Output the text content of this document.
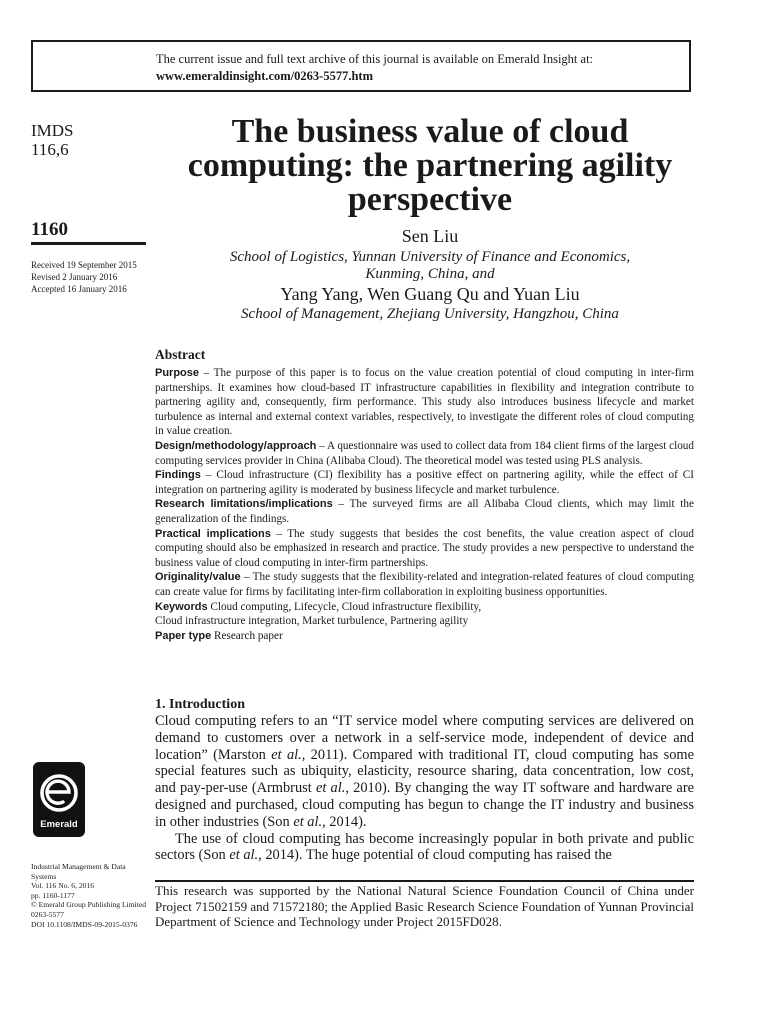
The current issue and full text archive of this journal is available on Emerald Insight at:
www.emeraldinsight.com/0263-5577.htm
IMDS
116,6
1160
Received 19 September 2015
Revised 2 January 2016
Accepted 16 January 2016
The business value of cloud computing: the partnering agility perspective
Sen Liu
School of Logistics, Yunnan University of Finance and Economics,
Kunming, China, and
Yang Yang, Wen Guang Qu and Yuan Liu
School of Management, Zhejiang University, Hangzhou, China
Abstract

Purpose – The purpose of this paper is to focus on the value creation potential of cloud computing in inter-firm partnerships. It examines how cloud-based IT infrastructure capabilities in flexibility and integration contribute to partnering agility and, consequently, firm performance. This study also introduces business lifecycle and market turbulence as internal and external context variables, respectively, to investigate the different roles of cloud computing in value creation.

Design/methodology/approach – A questionnaire was used to collect data from 184 client firms of the largest cloud computing services provider in China (Alibaba Cloud). The theoretical model was tested using PLS analysis.

Findings – Cloud infrastructure (CI) flexibility has a positive effect on partnering agility, while the effect of CI integration on partnering agility is moderated by business lifecycle and market turbulence.

Research limitations/implications – The surveyed firms are all Alibaba Cloud clients, which may limit the generalization of the findings.

Practical implications – The study suggests that besides the cost benefits, the value creation aspect of cloud computing should also be emphasized in research and practice. The study provides a new perspective to understand the business value of cloud computing in inter-firm partnerships.

Originality/value – The study suggests that the flexibility-related and integration-related features of cloud computing can create value for firms by facilitating inter-firm collaboration in exploiting business opportunities.

Keywords Cloud computing, Lifecycle, Cloud infrastructure flexibility,
Cloud infrastructure integration, Market turbulence, Partnering agility

Paper type Research paper

1. Introduction

Cloud computing refers to an “IT service model where computing services are delivered on demand to customers over a network in a self-service mode, independent of device and location” (Marston et al., 2011). Compared with traditional IT, cloud computing has some special features such as ubiquity, elasticity, resource sharing, data concentration, low cost, and pay-per-use (Armbrust et al., 2010). By changing the way IT software and hardware are designed and purchased, cloud computing has begun to change the IT industry and business in other industries (Son et al., 2014).

The use of cloud computing has become increasingly popular in both private and public sectors (Son et al., 2014). The huge potential of cloud computing has raised the

This research was supported by the National Natural Science Foundation Council of China under Project 71502159 and 71572180; the Applied Basic Research Science Foundation of Yunnan Provincial Department of Science and Technology under Project 2015FD028.
Emerald
Industrial Management & Data
Systems
Vol. 116 No. 6, 2016
pp. 1160-1177
© Emerald Group Publishing Limited
0263-5577
DOI 10.1108/IMDS-09-2015-0376
